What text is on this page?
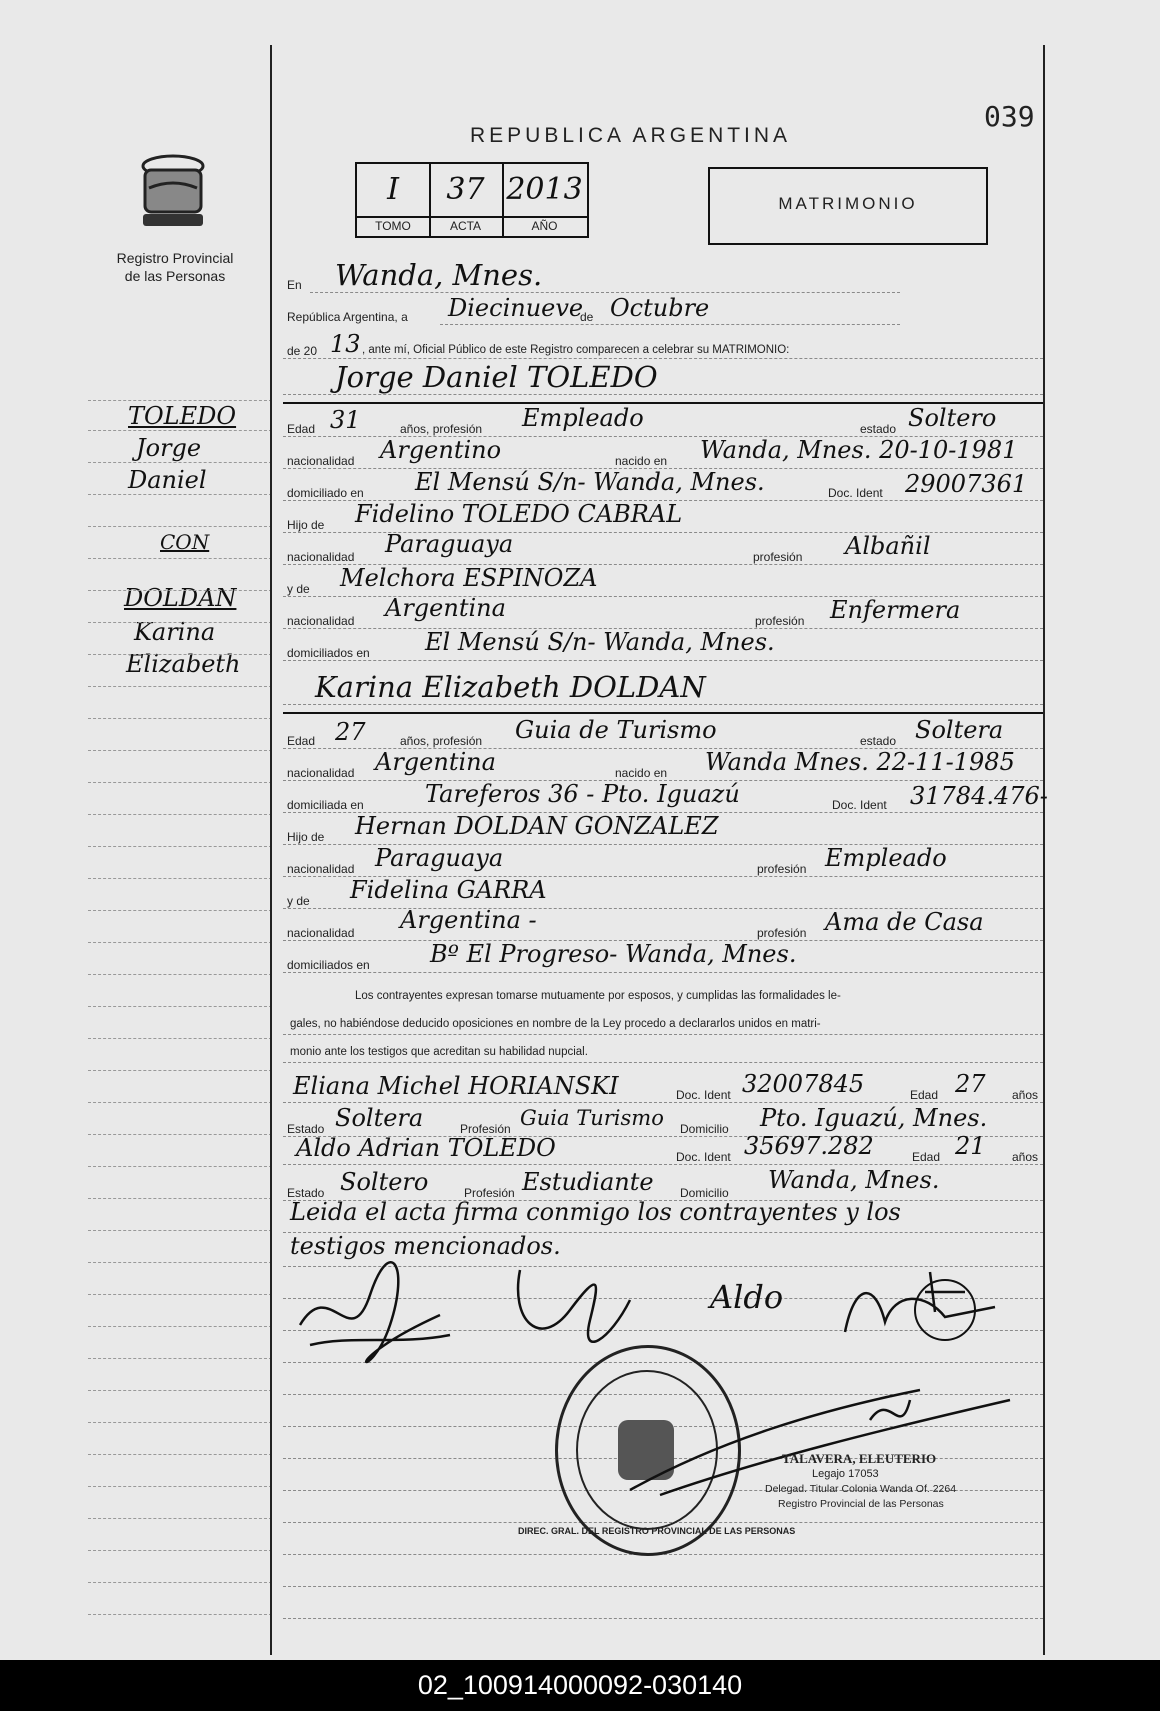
Registro Provincial
de las Personas
TOLEDO
Jorge
Daniel
CON
DOLDAN
Karina
Elizabeth
REPUBLICA ARGENTINA
039
I	37 2013
TOMO	ACTA	AÑO
MATRIMONIO
En Wanda, Mnes.
República Argentina, a Diecinueve
de Octubre
de 20 13 , ante mí, Oficial Público de este Registro comparecen a celebrar su MATRIMONIO:
Jorge Daniel TOLEDO
Edad 31	años, profesión Empleado	estado Soltero
nacionalidad Argentino	nacido en Wanda, Mnes. 20-10-1981
domiciliado en El Mensú S/n- Wanda, Mnes.	Doc. Ident 29007361
Hijo de Fidelino TOLEDO CABRAL
nacionalidad Paraguaya	profesión Albañil
y de Melchora ESPINOZA
nacionalidad Argentina	profesión Enfermera
domiciliados en El Mensú S/n- Wanda, Mnes.
Karina Elizabeth DOLDAN
Edad 27	años, profesión Guia de Turismo	estado Soltera
nacionalidad Argentina	nacido en Wanda Mnes. 22-11-1985
domiciliada en	Tareferos 36 - Pto. Iguazú	Doc. Ident 31784.476-
Hijo de Hernan DOLDAN GONZALEZ
nacionalidad Paraguaya	profesión Empleado
y de Fidelina GARRA
nacionalidad Argentina -	profesión Ama de Casa
domiciliados en	Bº El Progreso- Wanda, Mnes.
Los contrayentes expresan tomarse mutuamente por esposos, y cumplidas las formalidades le-
gales, no habiéndose deducido oposiciones en nombre de la Ley procedo a declararlos unidos en matri-
monio ante los testigos que acreditan su habilidad nupcial.
Eliana Michel HORIANSKI	Doc. Ident 32007845	Edad 27 años
Estado Soltera	Profesión Guia Turismo Domicilio Pto. Iguazú, Mnes.
Aldo Adrian TOLEDO	Doc. Ident 35697.282	Edad 21 años
Estado Soltero	Profesión Estudiante Domicilio Wanda, Mnes.
Leida el acta firma conmigo los contrayentes y los
testigos mencionados.
Aldo
DIREC. GRAL. DEL REGISTRO PROVINCIAL DE LAS PERSONAS
TALAVERA, ELEUTERIO
Legajo 17053
Delegad. Titular Colonia Wanda Of. 2264
Registro Provincial de las Personas
02_100914000092-030140
